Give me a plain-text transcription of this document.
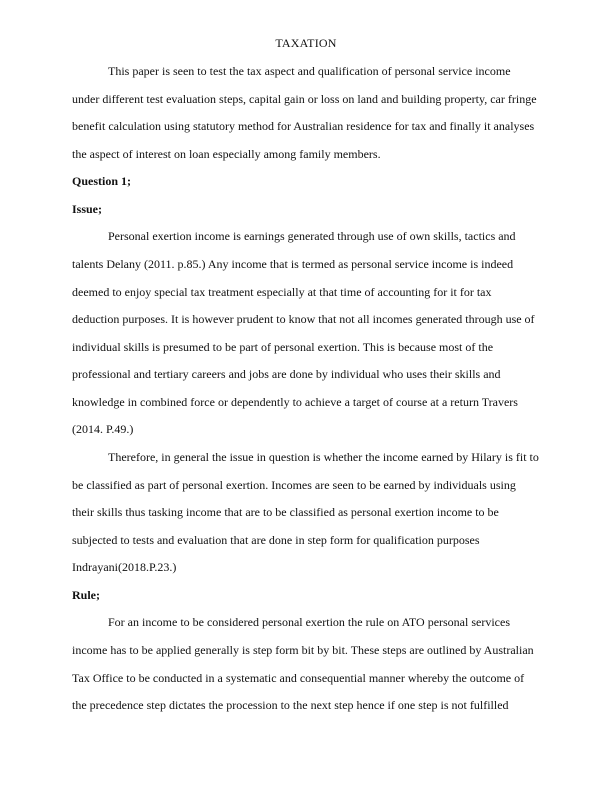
TAXATION
This paper is seen to test the tax aspect and qualification of personal service income
under different test evaluation steps, capital gain or loss on land and building property, car fringe
benefit calculation using statutory method for Australian residence for tax and finally it analyses
the aspect of interest on loan especially among family members.
Question 1;
Issue;
Personal exertion income is earnings generated through use of own skills, tactics and
talents Delany (2011. p.85.) Any income that is termed as personal service income is indeed
deemed to enjoy special tax treatment especially at that time of accounting for it for tax
deduction purposes. It is however prudent to know that not all incomes generated through use of
individual skills is presumed to be part of personal exertion. This is because most of the
professional and tertiary careers and jobs are done by individual who uses their skills and
knowledge in combined force or dependently to achieve a target of course at a return Travers
(2014. P.49.)
Therefore, in general the issue in question is whether the income earned by Hilary is fit to
be classified as part of personal exertion. Incomes are seen to be earned by individuals using
their skills thus tasking income that are to be classified as personal exertion income to be
subjected to tests and evaluation that are done in step form for qualification purposes
Indrayani(2018.P.23.)
Rule;
For an income to be considered personal exertion the rule on ATO personal services
income has to be applied generally is step form bit by bit. These steps are outlined by Australian
Tax Office to be conducted in a systematic and consequential manner whereby the outcome of
the precedence step dictates the procession to the next step hence if one step is not fulfilled
